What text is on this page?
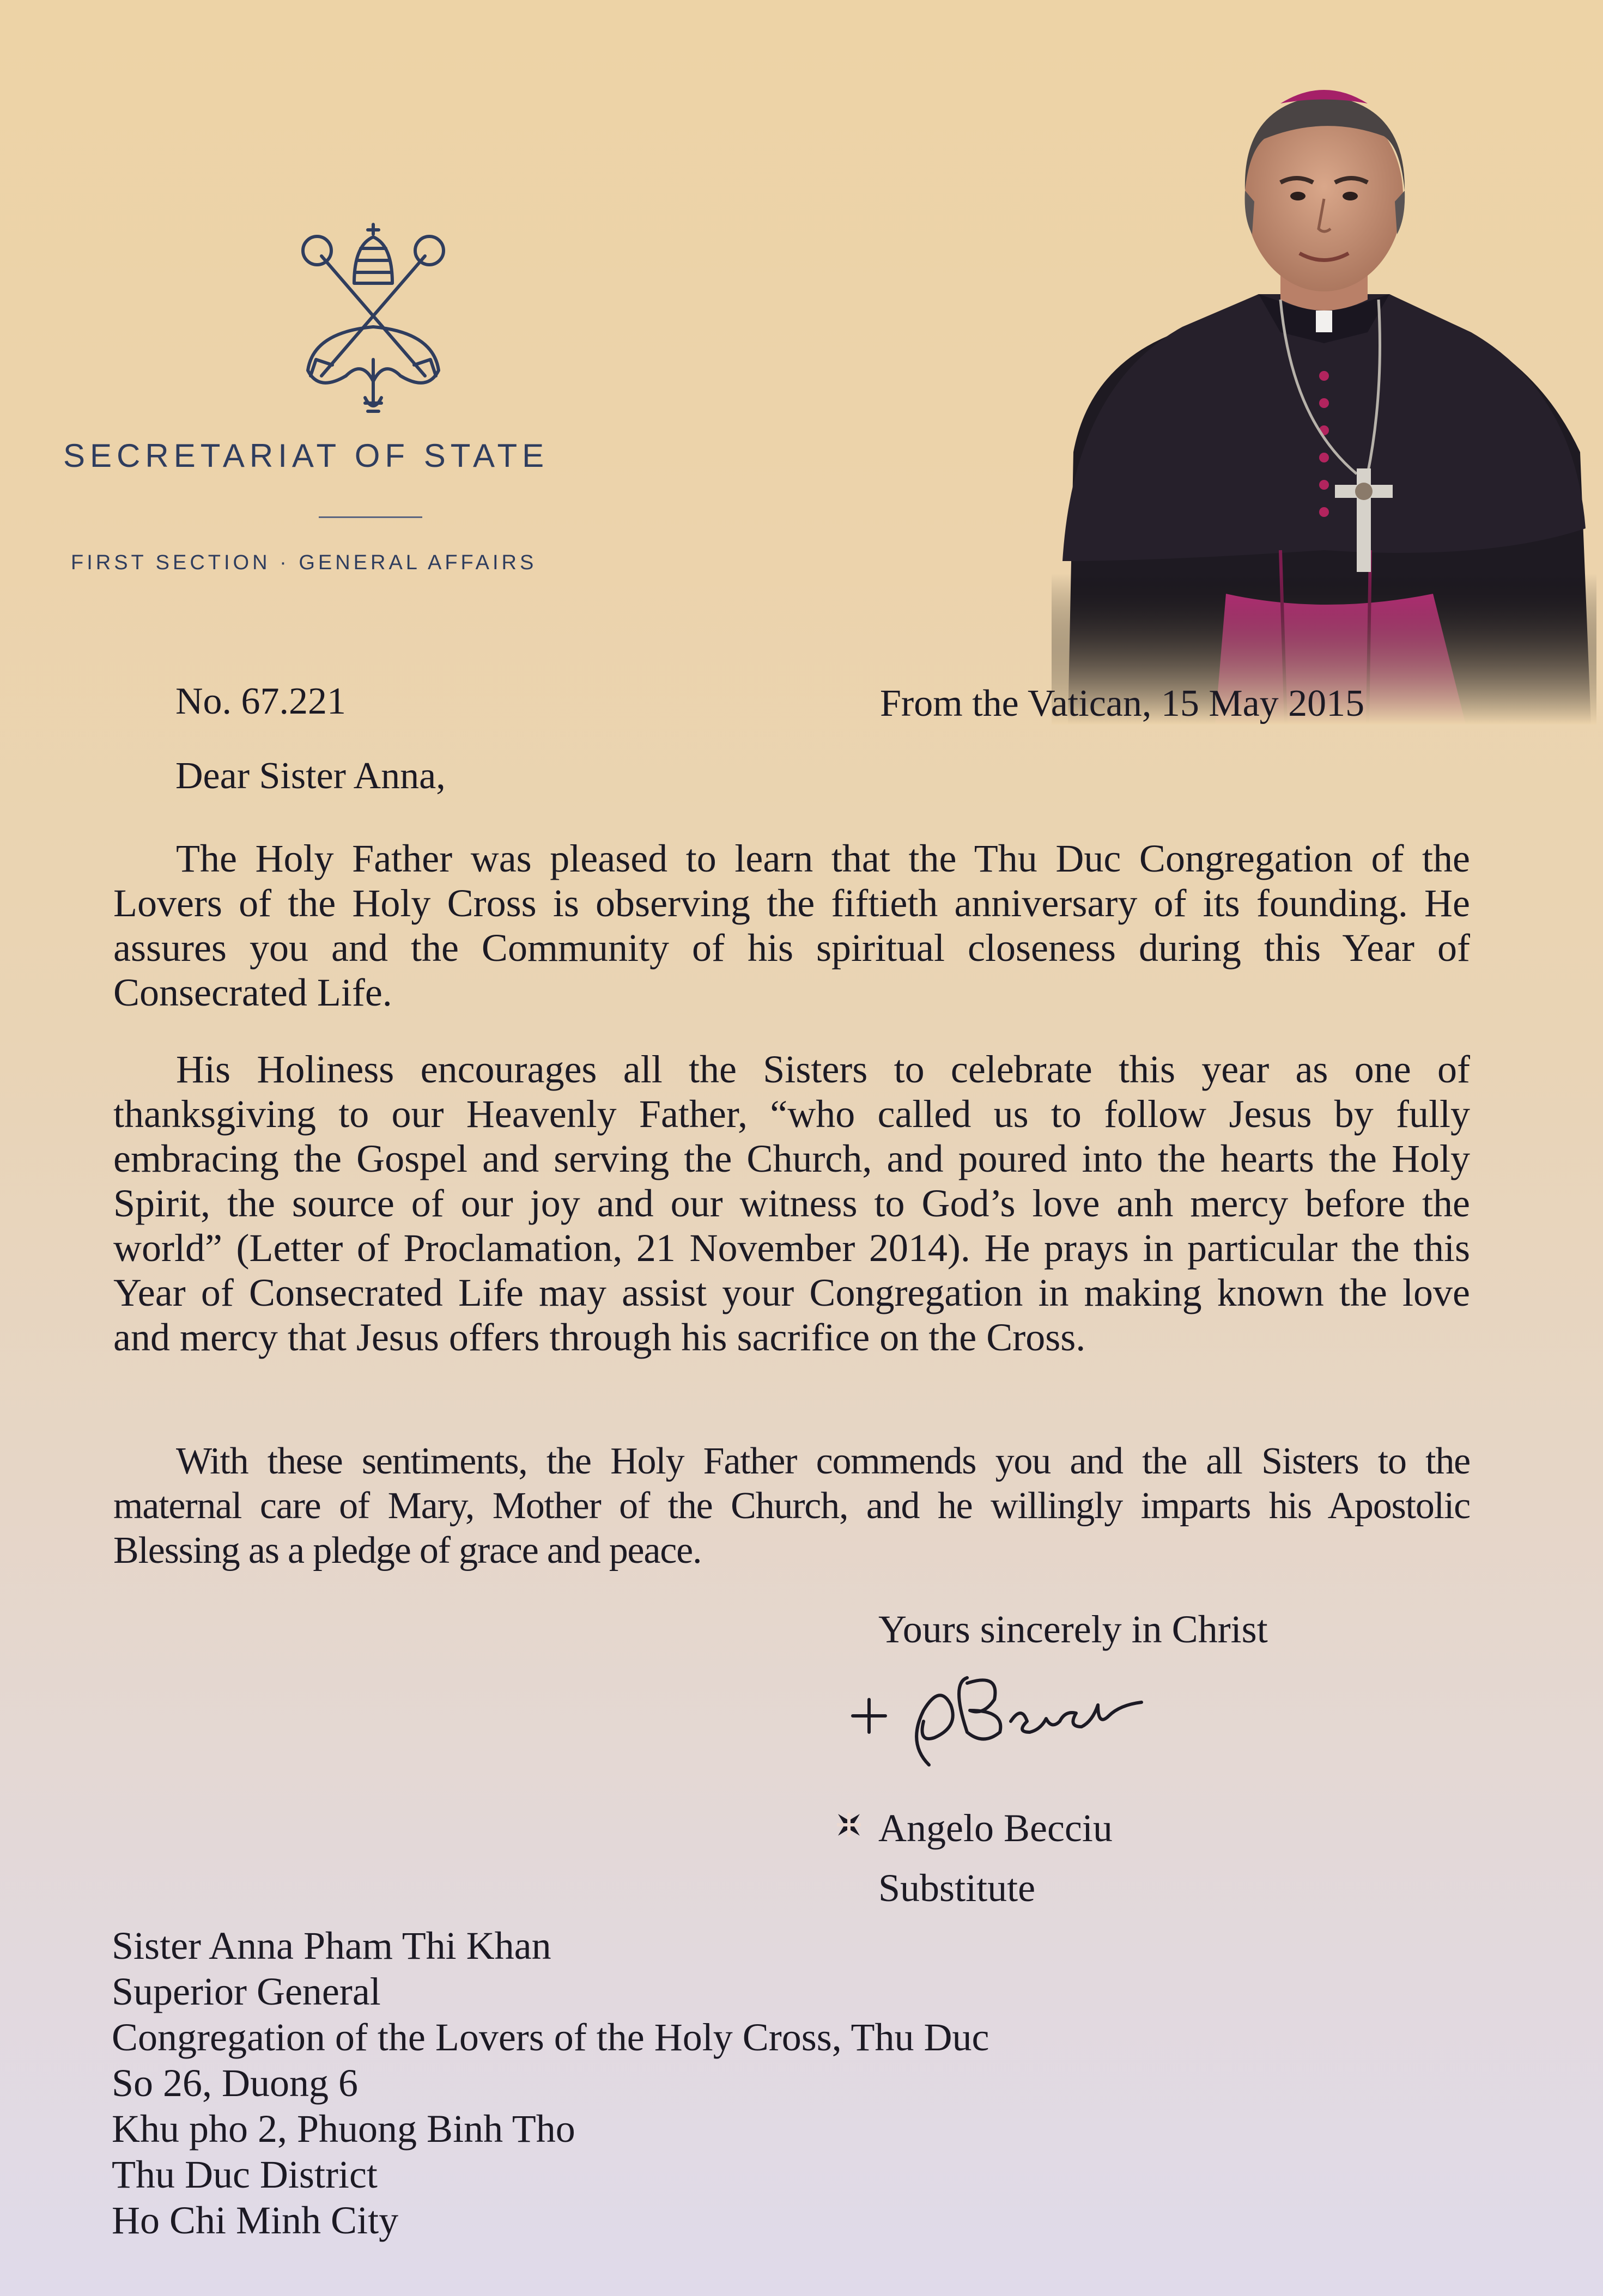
SECRETARIAT OF STATE
FIRST SECTION · GENERAL AFFAIRS
No. 67.221	From the Vatican, 15 May 2015
Dear Sister Anna,

The Holy Father was pleased to learn that the Thu Duc Congregation of the Lovers of the Holy Cross is observing the fiftieth anniversary of its founding. He assures you and the Community of his spiritual closeness during this Year of Consecrated Life.

His Holiness encourages all the Sisters to celebrate this year as one of thanksgiving to our Heavenly Father, “who called us to follow Jesus by fully embracing the Gospel and serving the Church, and poured into the hearts the Holy Spirit, the source of our joy and our witness to God’s love anh mercy before the world” (Letter of Proclamation, 21 November 2014). He prays in particular the this Year of Consecrated Life may assist your Congregation in making known the love and mercy that Jesus offers through his sacrifice on the Cross.

With these sentiments, the Holy Father commends you and the all Sisters to the maternal care of Mary, Mother of the Church, and he willingly imparts his Apostolic Blessing as a pledge of grace and peace.

Yours sincerely in Christ
Angelo Becciu
Substitute
Sister Anna Pham Thi Khan
Superior General
Congregation of the Lovers of the Holy Cross, Thu Duc
So 26, Duong 6
Khu pho 2, Phuong Binh Tho
Thu Duc District
Ho Chi Minh City
